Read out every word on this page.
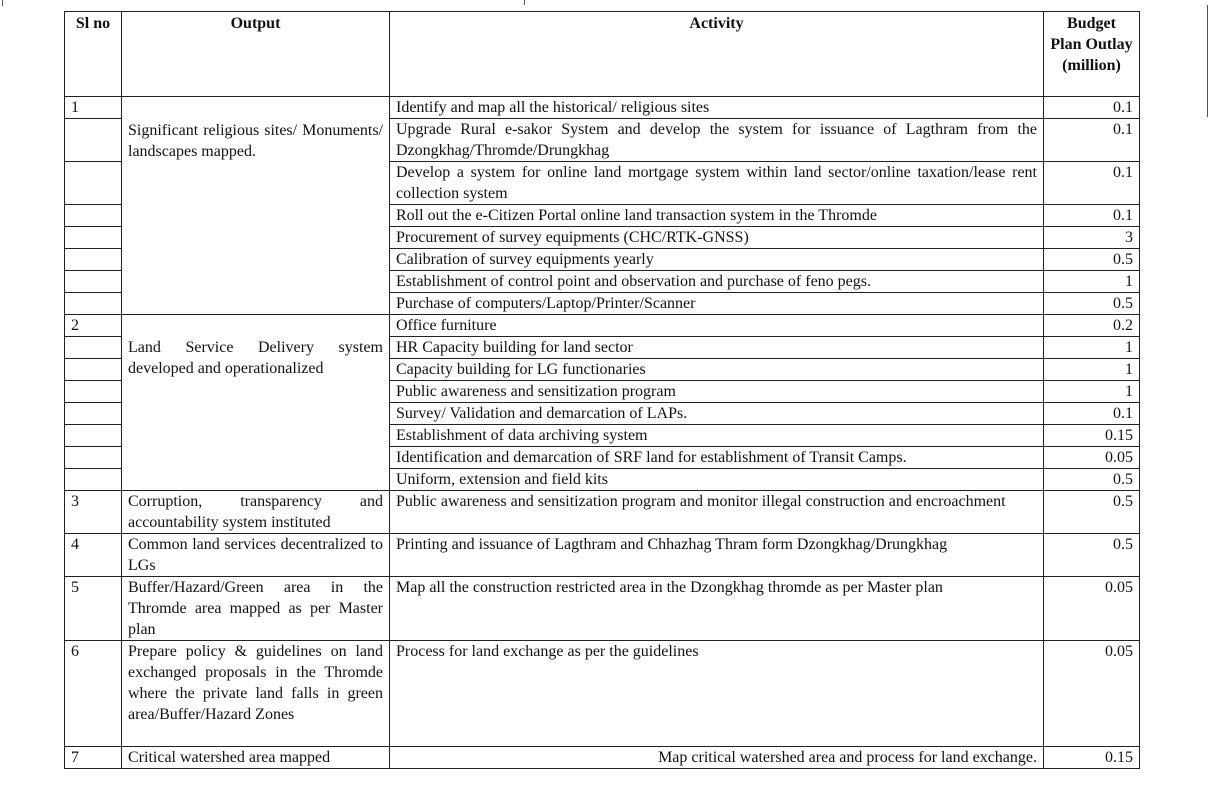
Sl no	Output	Activity	Budget Plan Outlay (million)
1	Significant religious sites/ Monuments/ landscapes mapped.	Identify and map all the historical/ religious sites	0.1
		Upgrade Rural e-sakor System and develop the system for issuance of Lagthram from the Dzongkhag/Thromde/Drungkhag	0.1
		Develop a system for online land mortgage system within land sector/online taxation/lease rent collection system	0.1
		Roll out the e-Citizen Portal online land transaction system in the Thromde	0.1
		Procurement of survey equipments (CHC/RTK-GNSS)	3
		Calibration of survey equipments yearly	0.5
		Establishment of control point and observation and purchase of feno pegs.	1
		Purchase of computers/Laptop/Printer/Scanner	0.5
2	Land Service Delivery system developed and operationalized	Office furniture	0.2
		HR Capacity building for land sector	1
		Capacity building for LG functionaries	1
		Public awareness and sensitization program	1
		Survey/ Validation and demarcation of LAPs.	0.1
		Establishment of data archiving system	0.15
		Identification and demarcation of SRF land for establishment of Transit Camps.	0.05
		Uniform, extension and field kits	0.5
3	Corruption, transparency and accountability system instituted	Public awareness and sensitization program and monitor illegal construction and encroachment	0.5
4	Common land services decentralized to LGs	Printing and issuance of Lagthram and Chhazhag Thram form Dzongkhag/Drungkhag	0.5
5	Buffer/Hazard/Green area in the Thromde area mapped as per Master plan	Map all the construction restricted area in the Dzongkhag thromde as per Master plan	0.05
6	Prepare policy & guidelines on land exchanged proposals in the Thromde where the private land falls in green area/Buffer/Hazard Zones	Process for land exchange as per the guidelines	0.05
7	Critical watershed area mapped	Map critical watershed area and process for land exchange.	0.15
